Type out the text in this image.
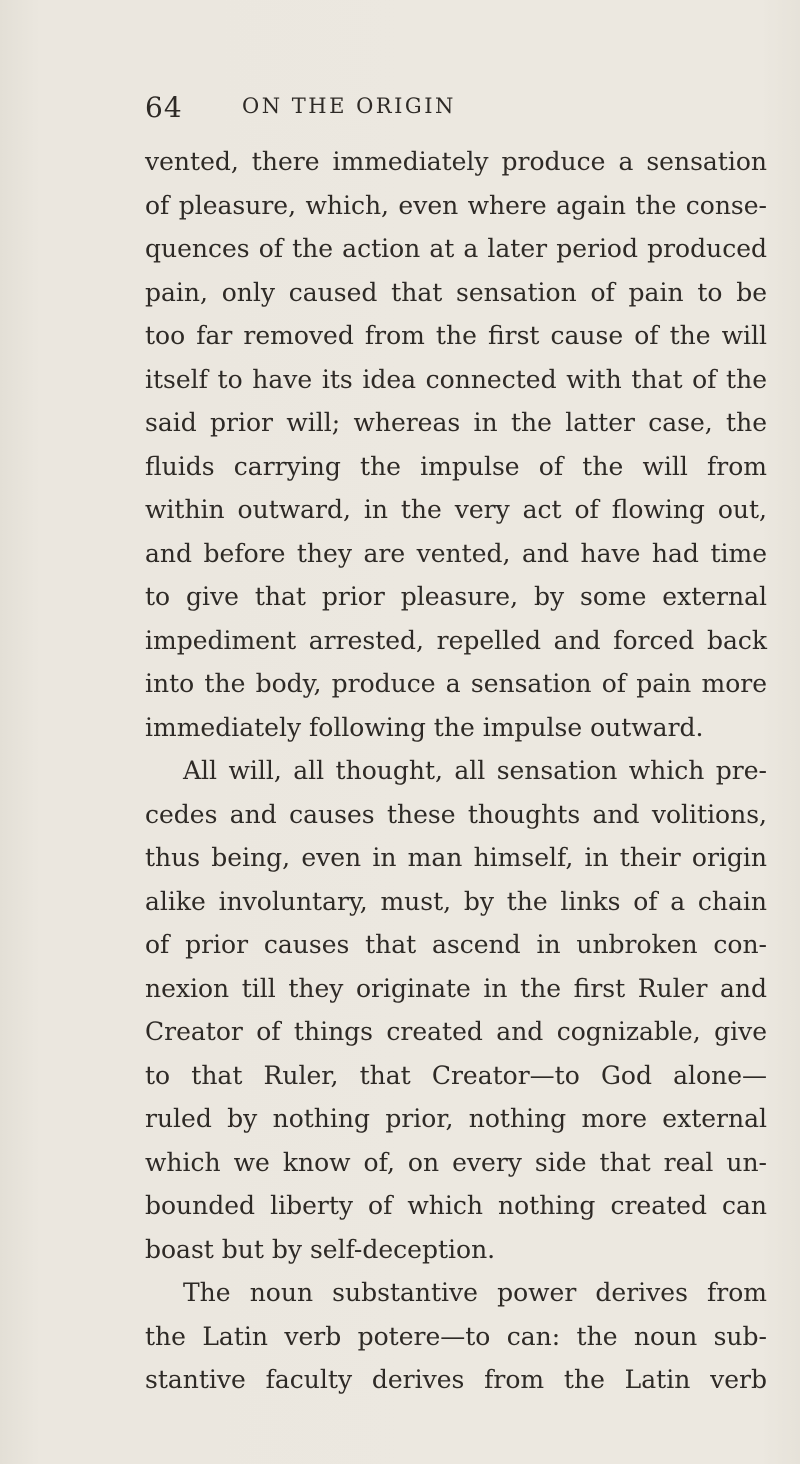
64	ON THE ORIGIN
vented, there immediately produce a sensation
of pleasure, which, even where again the conse-
quences of the action at a later period produced
pain, only caused that sensation of pain to be
too far removed from the first cause of the will
itself to have its idea connected with that of the
said prior will; whereas in the latter case, the
fluids carrying the impulse of the will from
within outward, in the very act of flowing out,
and before they are vented, and have had time
to give that prior pleasure, by some external
impediment arrested, repelled and forced back
into the body, produce a sensation of pain more
immediately following the impulse outward.
All will, all thought, all sensation which pre-
cedes and causes these thoughts and volitions,
thus being, even in man himself, in their origin
alike involuntary, must, by the links of a chain
of prior causes that ascend in unbroken con-
nexion till they originate in the first Ruler and
Creator of things created and cognizable, give
to that Ruler, that Creator—to God alone—
ruled by nothing prior, nothing more external
which we know of, on every side that real un-
bounded liberty of which nothing created can
boast but by self-deception.
The noun substantive power derives from
the Latin verb potere—to can: the noun sub-
stantive faculty derives from the Latin verb
